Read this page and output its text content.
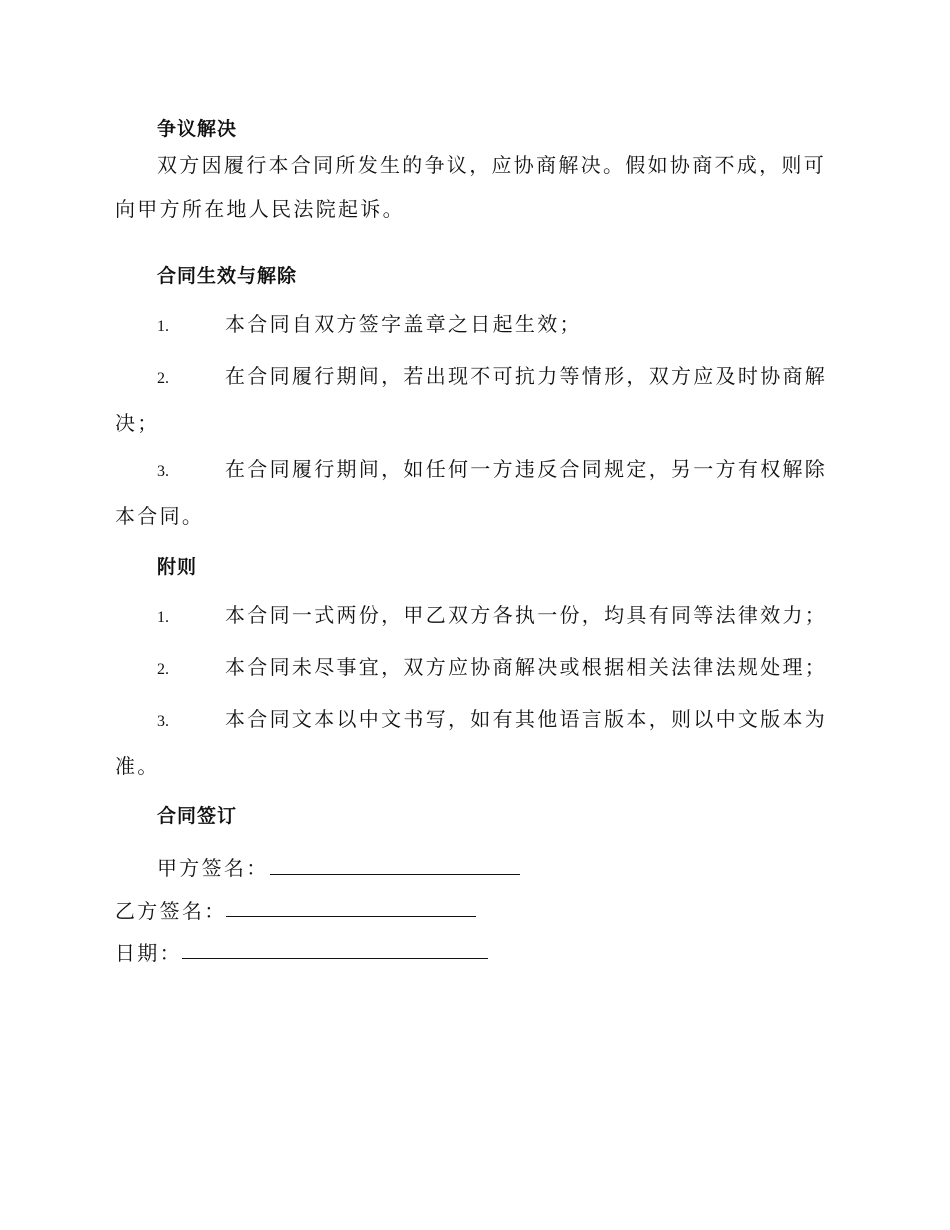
争议解决

双方因履行本合同所发生的争议，应协商解决。假如协商不成，则可向甲方所在地人民法院起诉。

合同生效与解除

1.	本合同自双方签字盖章之日起生效；

2.	在合同履行期间，若出现不可抗力等情形，双方应及时协商解决；

3.	在合同履行期间，如任何一方违反合同规定，另一方有权解除本合同。

附则

1.	本合同一式两份，甲乙双方各执一份，均具有同等法律效力；

2.	本合同未尽事宜，双方应协商解决或根据相关法律法规处理；

3.	本合同文本以中文书写，如有其他语言版本，则以中文版本为准。

合同签订
甲方签名：
乙方签名：
日期：
